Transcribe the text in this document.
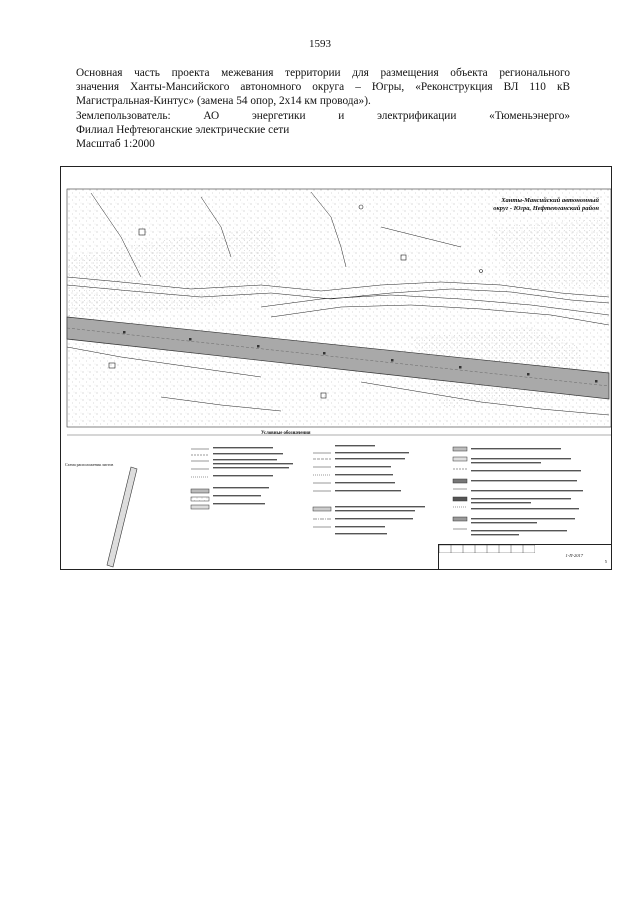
1593

Основная часть проекта межевания территории для размещения объекта регионального

значения Ханты-Мансийского автономного округа – Югры, «Реконструкция ВЛ 110 кВ

Магистральная-Кинтус» (замена 54 опор, 2х14 км провода»).

Землепользователь: АО энергетики и электрификации «Тюменьэнерго»

Филиал Нефтеюганские электрические сети

Масштаб 1:2000

Ханты-Мансийский автономный округ - Югра, Нефтеюганский район
Условные обозначения
Схема расположения листов
1-П-2017
5
